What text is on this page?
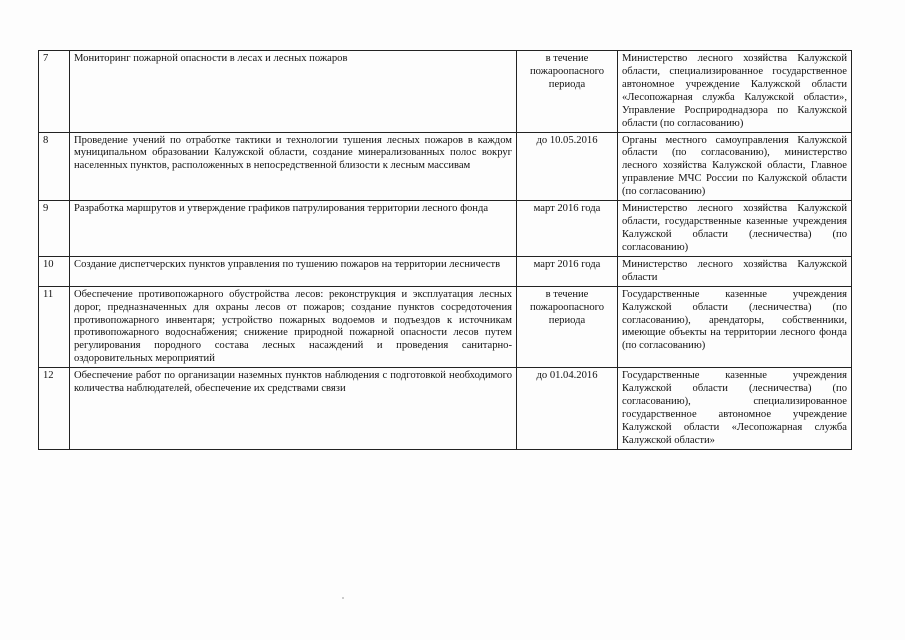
7	Мониторинг пожарной опасности в лесах и лесных пожаров	в течение пожароопасного периода	Министерство лесного хозяйства Калужской области, специализированное государственное автономное учреждение Калужской области «Лесопожарная служба Калужской области», Управление Росприроднадзора по Калужской области (по согласованию)
8	Проведение учений по отработке тактики и технологии тушения лесных пожаров в каждом муниципальном образовании Калужской области, создание минерализованных полос вокруг населенных пунктов, расположенных в непосредственной близости к лесным массивам	до 10.05.2016	Органы местного самоуправления Калужской области (по согласованию), министерство лесного хозяйства Калужской области, Главное управление МЧС России по Калужской области (по согласованию)
9	Разработка маршрутов и утверждение графиков патрулирования территории лесного фонда	март 2016 года	Министерство лесного хозяйства Калужской области, государственные казенные учреждения Калужской области (лесничества) (по согласованию)
10	Создание диспетчерских пунктов управления по тушению пожаров на территории лесничеств	март 2016 года	Министерство лесного хозяйства Калужской области
11	Обеспечение противопожарного обустройства лесов: реконструкция и эксплуатация лесных дорог, предназначенных для охраны лесов от пожаров; создание пунктов сосредоточения противопожарного инвентаря; устройство пожарных водоемов и подъездов к источникам противопожарного водоснабжения; снижение природной пожарной опасности лесов путем регулирования породного состава лесных насаждений и проведения санитарно-оздоровительных мероприятий	в течение пожароопасного периода	Государственные казенные учреждения Калужской области (лесничества) (по согласованию), арендаторы, собственники, имеющие объекты на территории лесного фонда (по согласованию)
12	Обеспечение работ по организации наземных пунктов наблюдения с подготовкой необходимого количества наблюдателей, обеспечение их средствами связи	до 01.04.2016	Государственные казенные учреждения Калужской области (лесничества) (по согласованию), специализированное государственное автономное учреждение Калужской области «Лесопожарная служба Калужской области»
